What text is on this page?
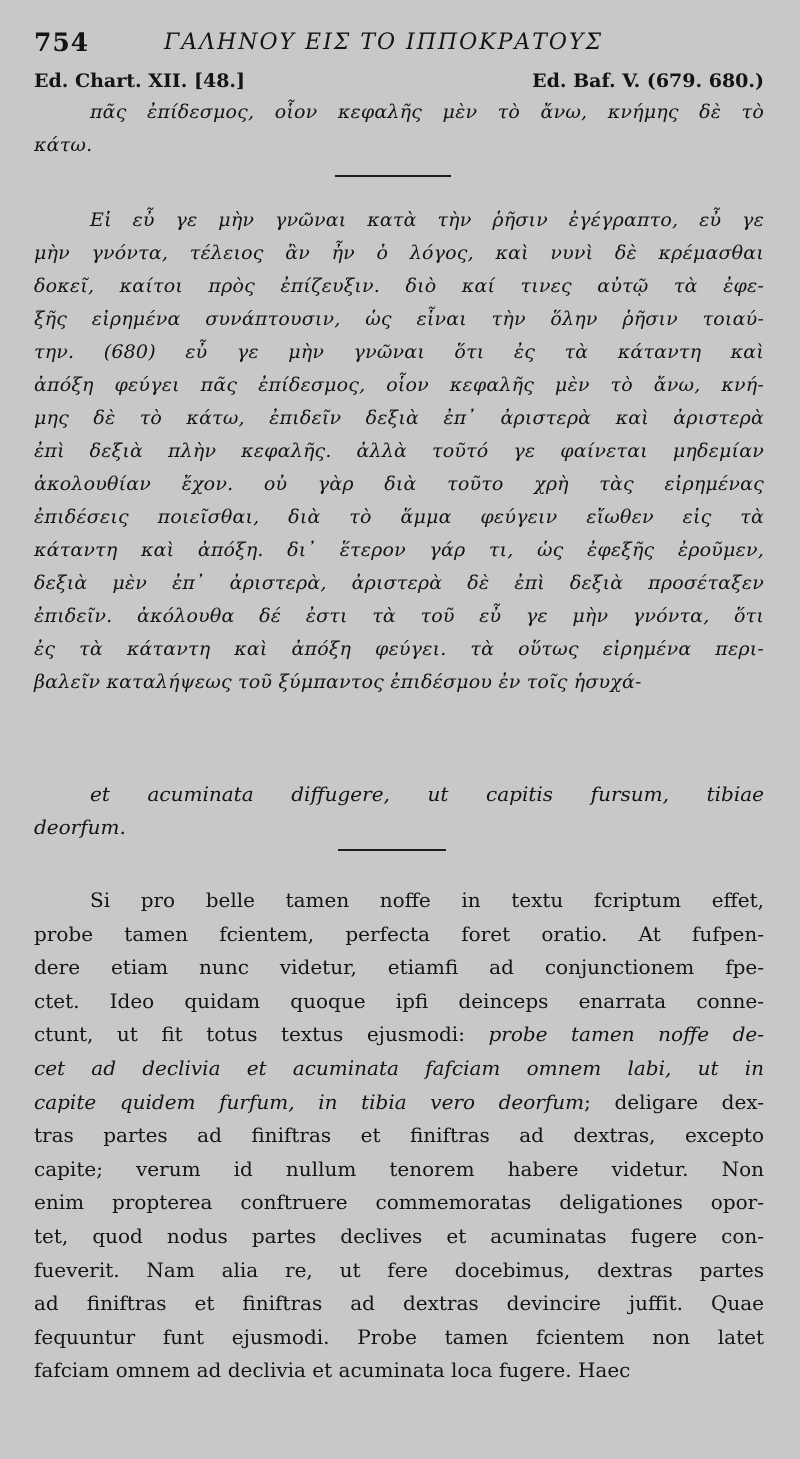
754	ΓΑΛΗΝΟΥ ΕΙΣ ΤΟ ΙΠΠΟΚΡΑΤΟΥΣ
Ed. Chart. XII. [48.]	Ed. Baf. V. (679. 680.)
πᾶς ἐπίδεσμος, οἷον κεφαλῆς μὲν τὸ ἄνω, κνήμης δὲ τὸ
κάτω.
Εἰ εὖ γε μὴν γνῶναι κατὰ τὴν ῥῆσιν ἐγέγραπτο, εὖ γε
μὴν γνόντα, τέλειος ἂν ἦν ὁ λόγος, καὶ νυνὶ δὲ κρέμασθαι
δοκεῖ, καίτοι πρὸς ἐπίζευξιν. διὸ καί τινες αὐτῷ τὰ ἐφε-
ξῆς εἰρημένα συνάπτουσιν, ὡς εἶναι τὴν ὅλην ῥῆσιν τοιαύ-
την. (680) εὖ γε μὴν γνῶναι ὅτι ἐς τὰ κάταντη καὶ
ἀπόξη φεύγει πᾶς ἐπίδεσμος, οἷον κεφαλῆς μὲν τὸ ἄνω, κνή-
μης δὲ τὸ κάτω, ἐπιδεῖν δεξιὰ ἐπ᾽ ἀριστερὰ καὶ ἀριστερὰ
ἐπὶ δεξιὰ πλὴν κεφαλῆς. ἀλλὰ τοῦτό γε φαίνεται μηδεμίαν
ἀκολουθίαν ἔχον. οὐ γὰρ διὰ τοῦτο χρὴ τὰς εἰρημένας
ἐπιδέσεις ποιεῖσθαι, διὰ τὸ ἅμμα φεύγειν εἴωθεν εἰς τὰ
κάταντη καὶ ἀπόξη. δι᾽ ἕτερον γάρ τι, ὡς ἐφεξῆς ἐροῦμεν,
δεξιὰ μὲν ἐπ᾽ ἀριστερὰ, ἀριστερὰ δὲ ἐπὶ δεξιὰ προσέταξεν
ἐπιδεῖν. ἀκόλουθα δέ ἐστι τὰ τοῦ εὖ γε μὴν γνόντα, ὅτι
ἐς τὰ κάταντη καὶ ἀπόξη φεύγει. τὰ οὕτως εἰρημένα περι-
βαλεῖν καταλήψεως τοῦ ξύμπαντος ἐπιδέσμου ἐν τοῖς ἡσυχά-
et acuminata diffugere, ut capitis fursum, tibiae
deorfum.
Si pro belle tamen noffe in textu fcriptum effet,
probe tamen fcientem, perfecta foret oratio. At fufpen-
dere etiam nunc videtur, etiamfi ad conjunctionem fpe-
ctet. Ideo quidam quoque ipfi deinceps enarrata conne-
ctunt, ut fit totus textus ejusmodi: probe tamen noffe de-
cet ad declivia et acuminata fafciam omnem labi, ut in
capite quidem furfum, in tibia vero deorfum; deligare dex-
tras partes ad finiftras et finiftras ad dextras, excepto
capite; verum id nullum tenorem habere videtur. Non
enim propterea conftruere commemoratas deligationes opor-
tet, quod nodus partes declives et acuminatas fugere con-
fueverit. Nam alia re, ut fere docebimus, dextras partes
ad finiftras et finiftras ad dextras devincire juffit. Quae
fequuntur funt ejusmodi. Probe tamen fcientem non latet
fafciam omnem ad declivia et acuminata loca fugere. Haec
